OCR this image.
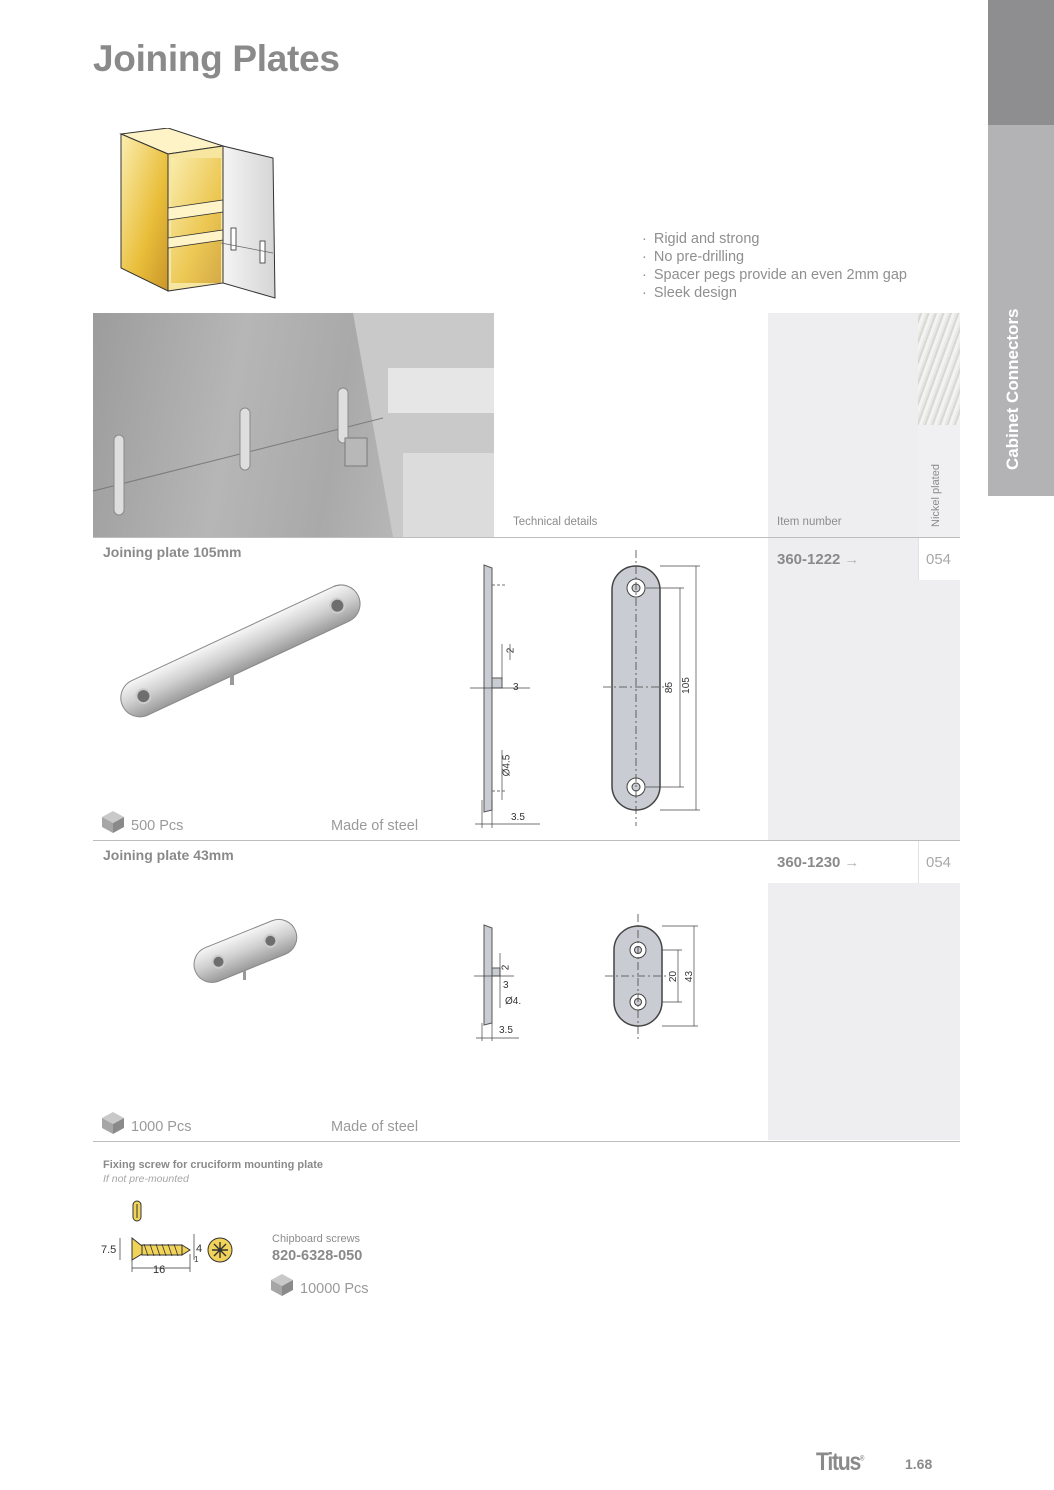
Joining Plates
Cabinet Connectors
· Rigid and strong
· No pre-drilling
· Spacer pegs provide an even 2mm gap
· Sleek design
Technical details	Item number	Nickel plated
Joining plate 105mm	360-1222 →	054
500 Pcs	Made of steel
2
3
Ø4.5
3.5
85 105
Joining plate 43mm	360-1230 →	054
1000 Pcs	Made of steel
2
3
Ø4.
3.5
20 43
Fixing screw for cruciform mounting plate
If not pre-mounted
7.5
16
4
1
Chipboard screws
820-6328-050
10000 Pcs
Titus®	1.68
